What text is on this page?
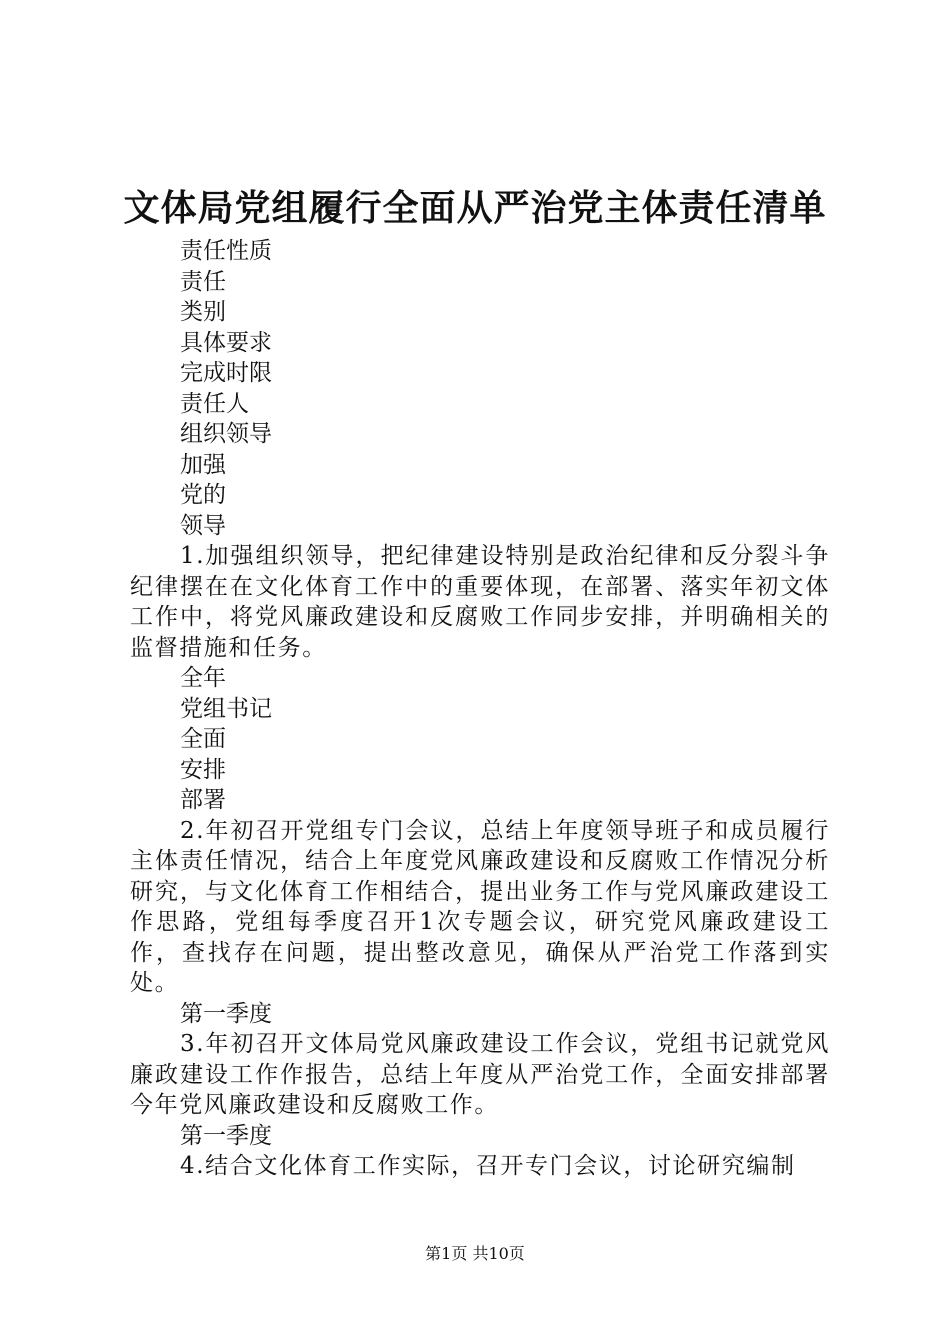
文体局党组履行全面从严治党主体责任清单
责任性质
责任
类别
具体要求
完成时限
责任人
组织领导
加强
党的
领导
1.加强组织领导，把纪律建设特别是政治纪律和反分裂斗争纪律摆在在文化体育工作中的重要体现，在部署、落实年初文体工作中，将党风廉政建设和反腐败工作同步安排，并明确相关的监督措施和任务。
全年
党组书记
全面
安排
部署
2.年初召开党组专门会议，总结上年度领导班子和成员履行主体责任情况，结合上年度党风廉政建设和反腐败工作情况分析研究，与文化体育工作相结合，提出业务工作与党风廉政建设工作思路，党组每季度召开1次专题会议，研究党风廉政建设工作，查找存在问题，提出整改意见，确保从严治党工作落到实处。
第一季度
3.年初召开文体局党风廉政建设工作会议，党组书记就党风廉政建设工作作报告，总结上年度从严治党工作，全面安排部署今年党风廉政建设和反腐败工作。
第一季度
4.结合文化体育工作实际，召开专门会议，讨论研究编制
第1页 共10页
